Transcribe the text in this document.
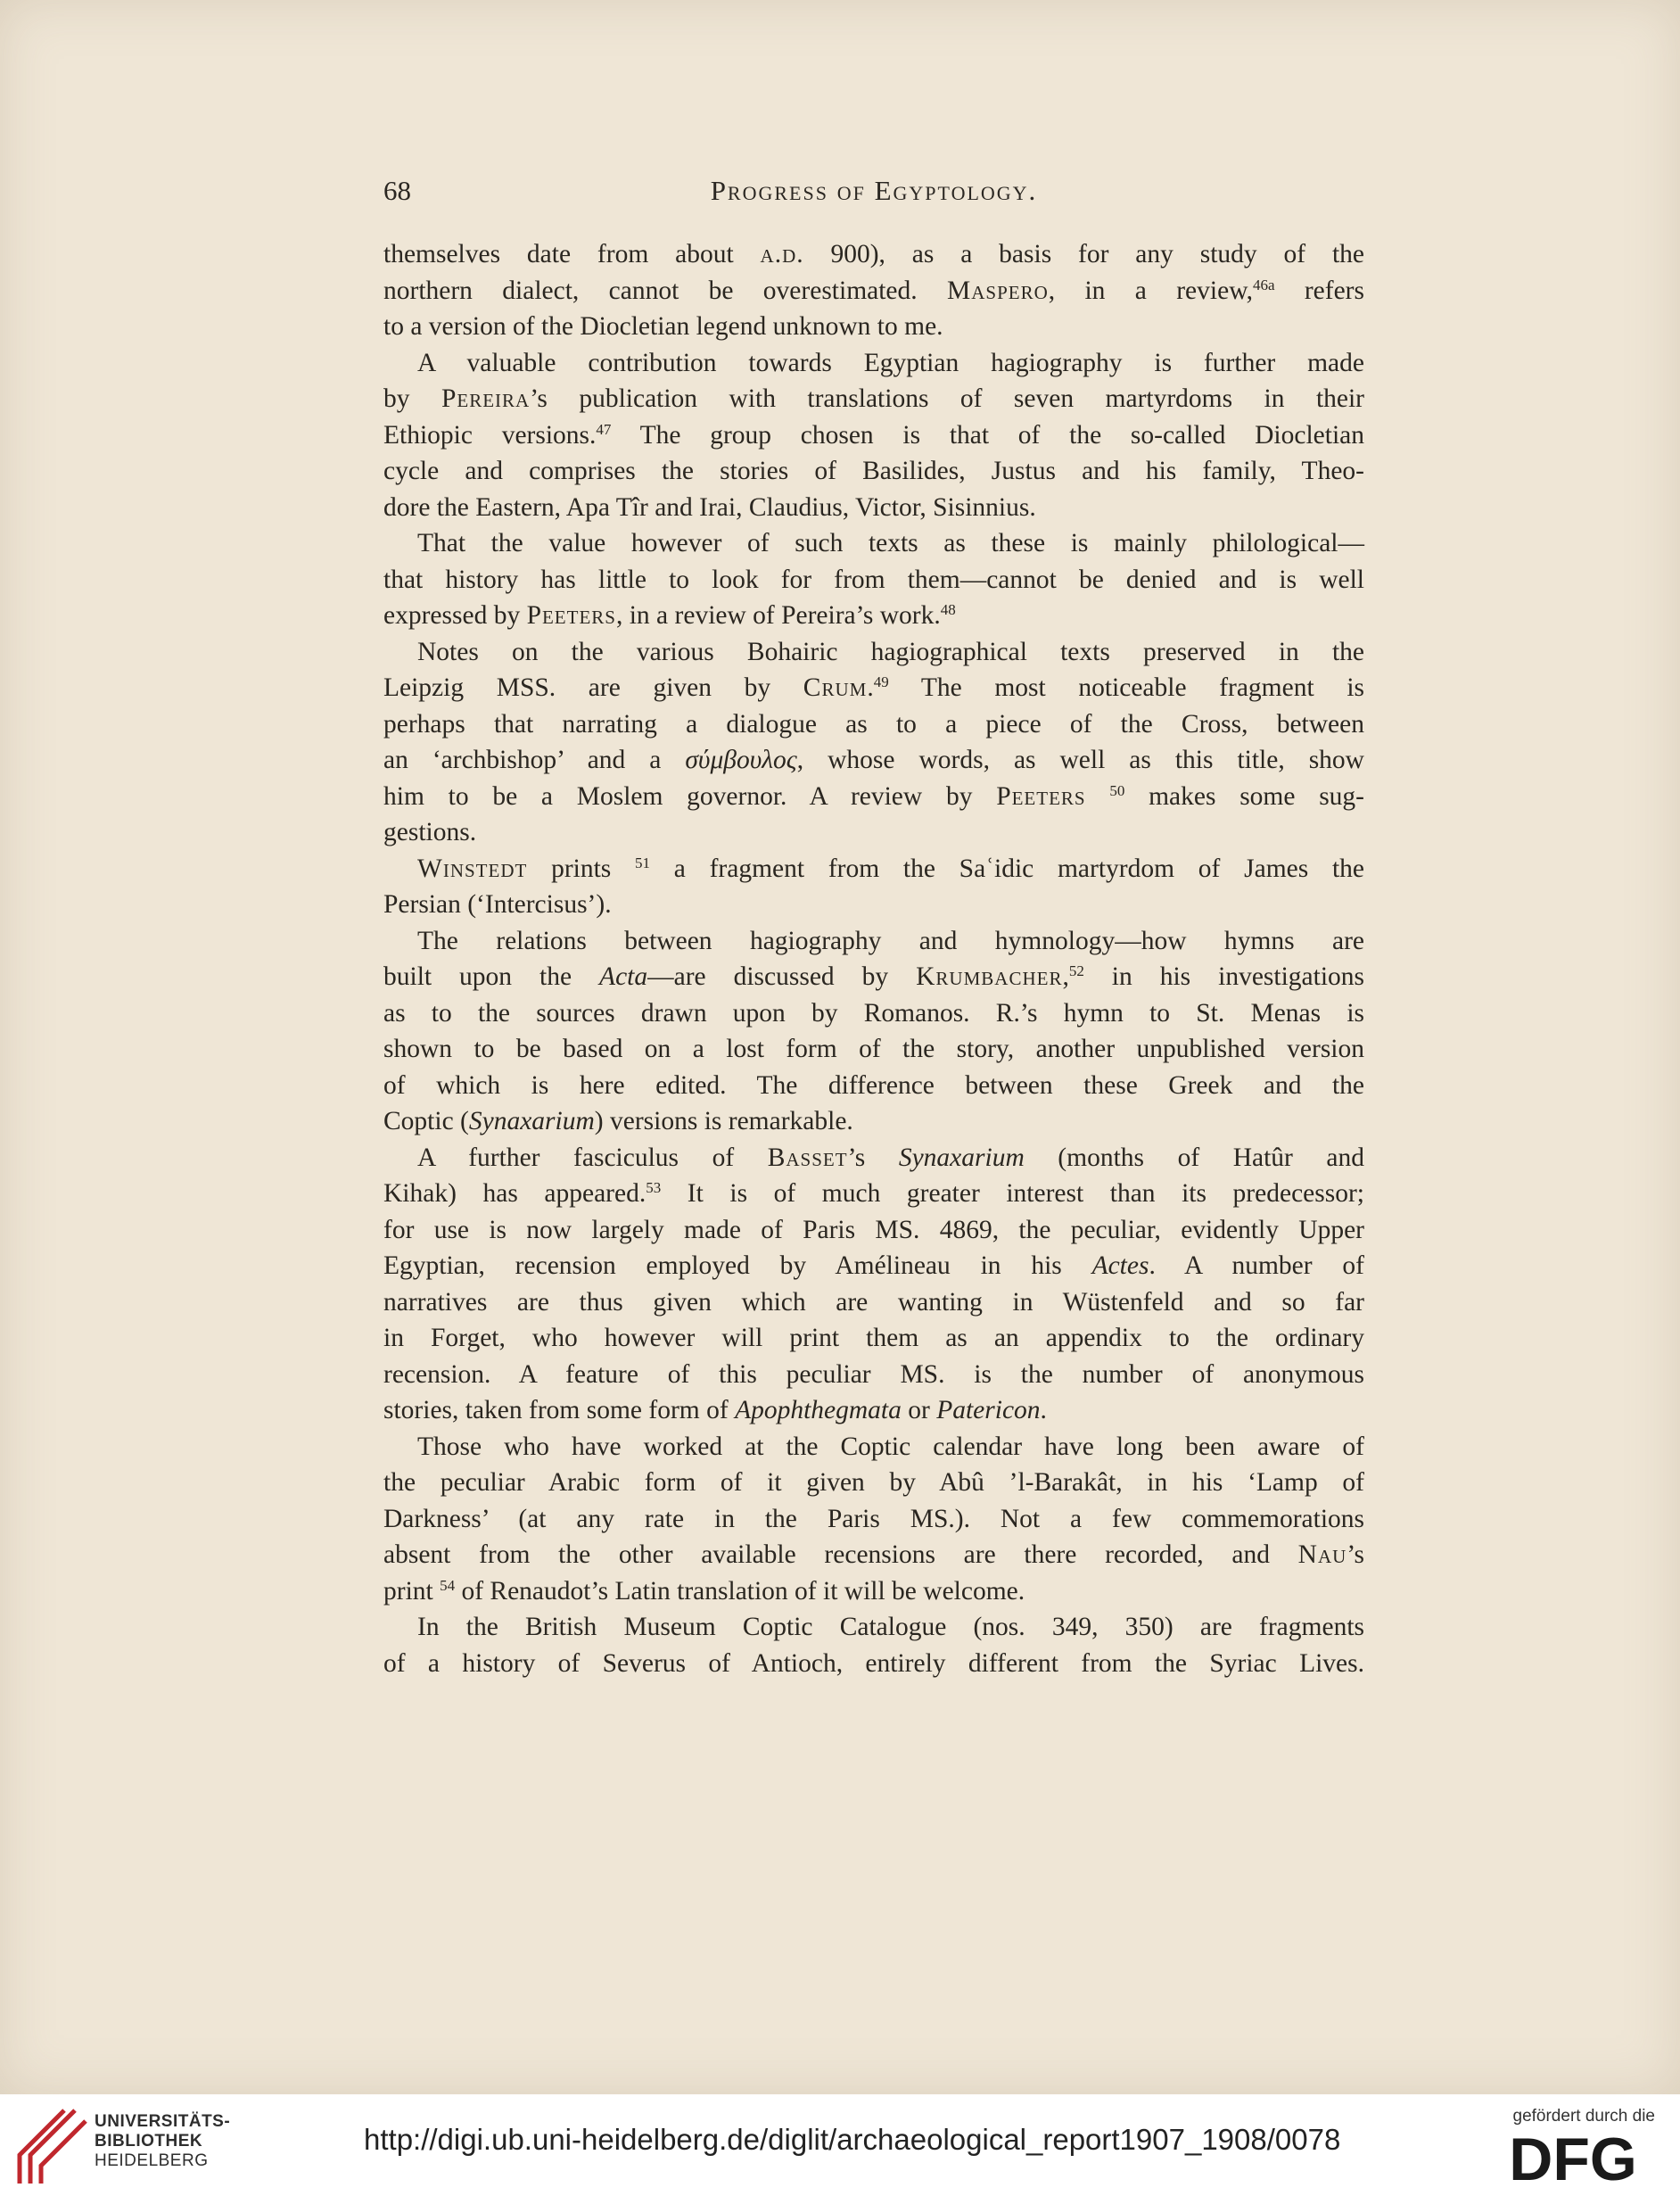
68	Progress of Egyptology.
themselves date from about a.d. 900), as a basis for any study of the
northern dialect, cannot be overestimated. Maspero, in a review,$^{46a}$ refers
to a version of the Diocletian legend unknown to me.
A valuable contribution towards Egyptian hagiography is further made
by Pereira’s publication with translations of seven martyrdoms in their
Ethiopic versions.$^{47}$ The group chosen is that of the so-called Diocletian
cycle and comprises the stories of Basilides, Justus and his family, Theo-
dore the Eastern, Apa Tîr and Irai, Claudius, Victor, Sisinnius.
That the value however of such texts as these is mainly philological—
that history has little to look for from them—cannot be denied and is well
expressed by Peeters, in a review of Pereira’s work.$^{48}$
Notes on the various Bohairic hagiographical texts preserved in the
Leipzig MSS. are given by Crum.$^{49}$ The most noticeable fragment is
perhaps that narrating a dialogue as to a piece of the Cross, between
an ‘archbishop’ and a σύμβουλος, whose words, as well as this title, show
him to be a Moslem governor. A review by Peeters $^{50}$ makes some sug-
gestions.
Winstedt prints $^{51}$ a fragment from the Saʿidic martyrdom of James the
Persian (‘Intercisus’).
The relations between hagiography and hymnology—how hymns are
built upon the Acta—are discussed by Krumbacher,$^{52}$ in his investigations
as to the sources drawn upon by Romanos. R.’s hymn to St. Menas is
shown to be based on a lost form of the story, another unpublished version
of which is here edited. The difference between these Greek and the
Coptic (Synaxarium) versions is remarkable.
A further fasciculus of Basset’s Synaxarium (months of Hatûr and
Kihak) has appeared.$^{53}$ It is of much greater interest than its predecessor;
for use is now largely made of Paris MS. 4869, the peculiar, evidently Upper
Egyptian, recension employed by Amélineau in his Actes. A number of
narratives are thus given which are wanting in Wüstenfeld and so far
in Forget, who however will print them as an appendix to the ordinary
recension. A feature of this peculiar MS. is the number of anonymous
stories, taken from some form of Apophthegmata or Patericon.
Those who have worked at the Coptic calendar have long been aware of
the peculiar Arabic form of it given by Abû ’l-Barakât, in his ‘Lamp of
Darkness’ (at any rate in the Paris MS.). Not a few commemorations
absent from the other available recensions are there recorded, and Nau’s
print $^{54}$ of Renaudot’s Latin translation of it will be welcome.
In the British Museum Coptic Catalogue (nos. 349, 350) are fragments
of a history of Severus of Antioch, entirely different from the Syriac Lives.
UNIVERSITÄTS-
BIBLIOTHEK
HEIDELBERG
http://digi.ub.uni-heidelberg.de/diglit/archaeological_report1907_1908/0078
gefördert durch die
DFG
